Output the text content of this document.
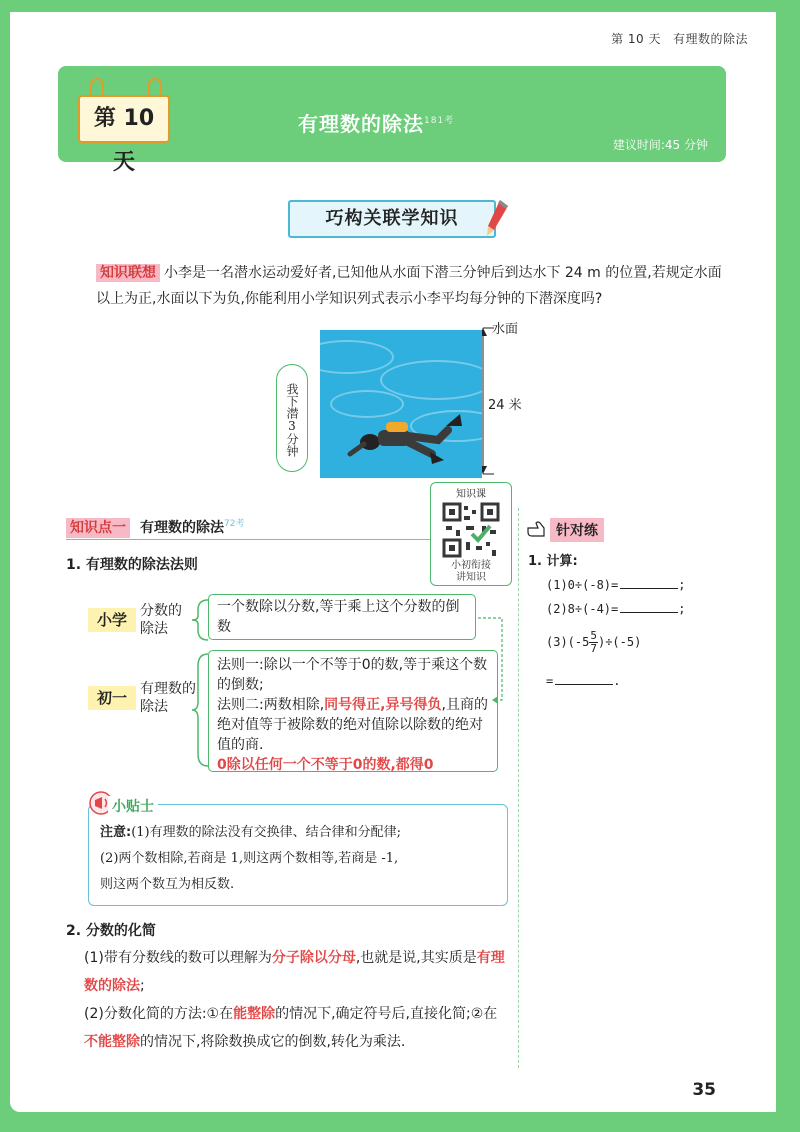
第 10 天 有理数的除法
第 10 天
有理数的除法$^{181考}$
建议时间:45 分钟
巧构关联学知识
知识联想 小李是一名潜水运动爱好者,已知他从水面下潜三分钟后到达水下 24 m 的位置,若规定水面以上为正,水面以下为负,你能利用小学知识列式表示小李平均每分钟的下潜深度吗?
水面
24 米
我下潜3分钟
知识点一 有理数的除法$^{72考}$
知识课
小初衔接
讲知识
1. 有理数的除法法则
小学 分数的除法
一个数除以分数,等于乘上这个分数的倒数
初一 有理数的除法
法则一:除以一个不等于0的数,等于乘这个数的倒数;
法则二:两数相除,同号得正,异号得负,且商的绝对值等于被除数的绝对值除以除数的绝对值的商.
0除以任何一个不等于0的数,都得0
小贴士
注意:(1)有理数的除法没有交换律、结合律和分配律;
(2)两个数相除,若商是 1,则这两个数相等,若商是 -1,
则这两个数互为相反数.
2. 分数的化简
(1)带有分数线的数可以理解为分子除以分母,也就是说,其实质是有理数的除法;
(2)分数化简的方法:①在能整除的情况下,确定符号后,直接化简;②在不能整除的情况下,将除数换成它的倒数,转化为乘法.
针对练
1. 计算:
(1)0÷(-8)=	;
(2)8÷(-4)=	;
$(3)(-5 \frac{5}{7})\div(-5)$
=	.
35
